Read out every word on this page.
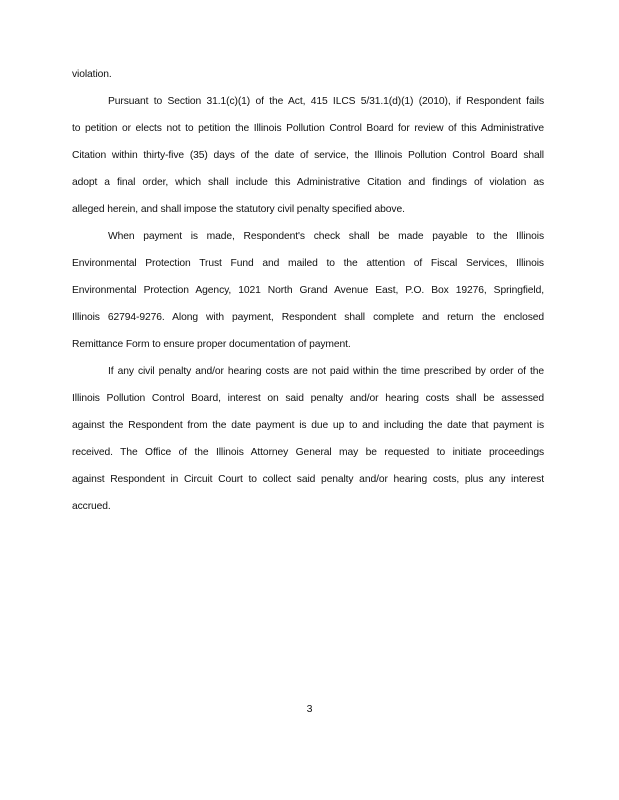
violation.
Pursuant to Section 31.1(c)(1) of the Act, 415 ILCS 5/31.1(d)(1) (2010), if Respondent fails
to petition or elects not to petition the Illinois Pollution Control Board for review of this Administrative
Citation within thirty-five (35) days of the date of service, the Illinois Pollution Control Board shall
adopt a final order, which shall include this Administrative Citation and findings of violation as
alleged herein, and shall impose the statutory civil penalty specified above.
When payment is made, Respondent's check shall be made payable to the Illinois
Environmental Protection Trust Fund and mailed to the attention of Fiscal Services, Illinois
Environmental Protection Agency, 1021 North Grand Avenue East, P.O. Box 19276, Springfield,
Illinois 62794-9276. Along with payment, Respondent shall complete and return the enclosed
Remittance Form to ensure proper documentation of payment.
If any civil penalty and/or hearing costs are not paid within the time prescribed by order of the
Illinois Pollution Control Board, interest on said penalty and/or hearing costs shall be assessed
against the Respondent from the date payment is due up to and including the date that payment is
received. The Office of the Illinois Attorney General may be requested to initiate proceedings
against Respondent in Circuit Court to collect said penalty and/or hearing costs, plus any interest
accrued.
3
